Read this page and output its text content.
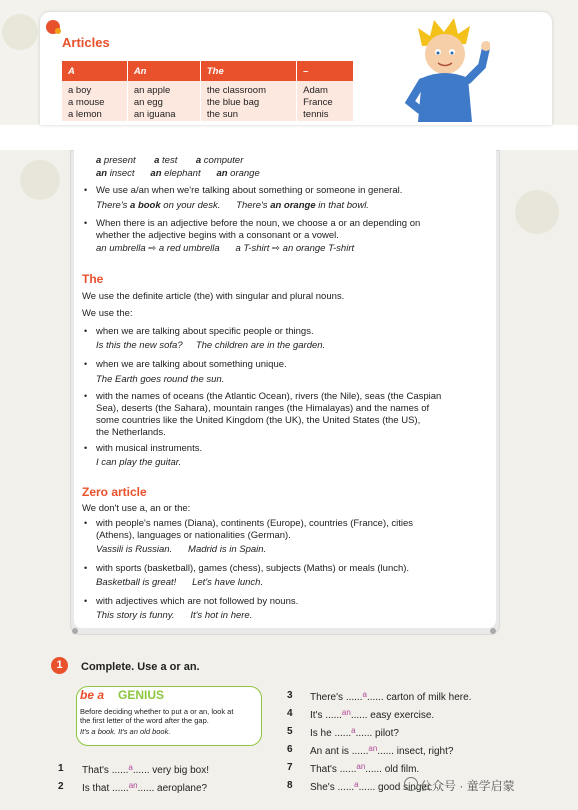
Articles
A	An	The	–
a boy	an apple	the classroom	Adam
a mouse	an egg	the blue bag	France
a lemon	an iguana	the sun	tennis
a present a test a computer
an insect an elephant an orange
• We use a/an when we're talking about something or someone in general.
There's a book on your desk. There's an orange in that bowl.
• When there is an adjective before the noun, we choose a or an depending on
whether the adjective begins with a consonant or a vowel.
an umbrella ⇨ a red umbrella a T-shirt ⇨ an orange T-shirt
The
We use the definite article (the) with singular and plural nouns.
We use the:
• when we are talking about specific people or things.
Is this the new sofa? The children are in the garden.
• when we are talking about something unique.
The Earth goes round the sun.
• with the names of oceans (the Atlantic Ocean), rivers (the Nile), seas (the Caspian
Sea), deserts (the Sahara), mountain ranges (the Himalayas) and the names of
some countries like the United Kingdom (the UK), the United States (the US),
the Netherlands.
• with musical instruments.
I can play the guitar.
Zero article
We don't use a, an or the:
• with people's names (Diana), continents (Europe), countries (France), cities
(Athens), languages or nationalities (German).
Vassili is Russian. Madrid is in Spain.
• with sports (basketball), games (chess), subjects (Maths) or meals (lunch).
Basketball is great! Let's have lunch.
• with adjectives which are not followed by nouns.
This story is funny. It's hot in here.
1	Complete. Use a or an.
be a GENIUS
Before deciding whether to put a or an, look at
the first letter of the word after the gap.
It's a book. It's an old book.
1 That's ......$^a$...... very big box!
2 Is that ......$^{an}$...... aeroplane?
3 There's ......$^a$...... carton of milk here.
4 It's ......$^{an}$...... easy exercise.
5 Is he ......$^a$...... pilot?
6 An ant is ......$^{an}$...... insect, right?
7 That's ......$^{an}$...... old film.
8 She's ......$^a$...... good singer.
公众号 · 童学启蒙
